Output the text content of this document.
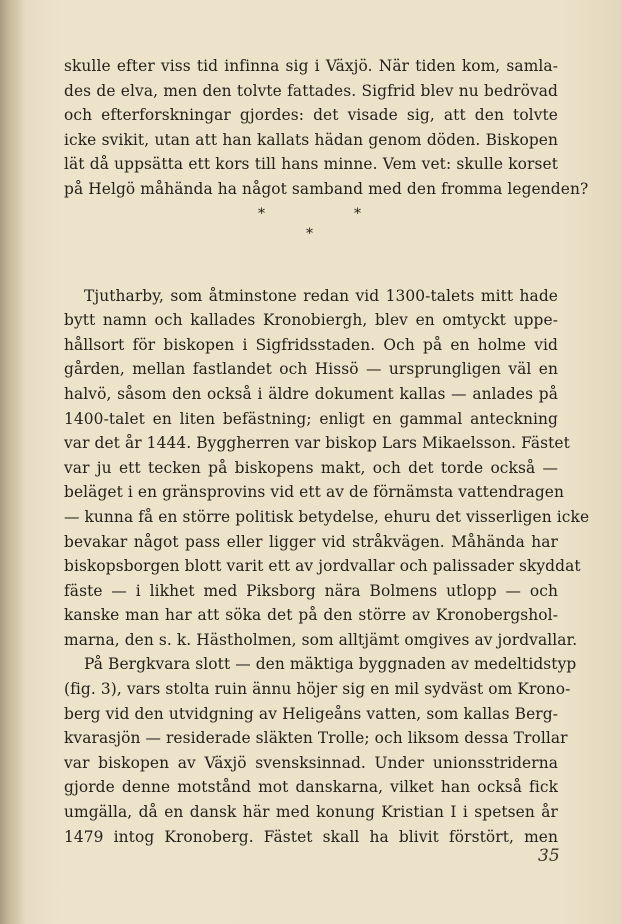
skulle efter viss tid infinna sig i Växjö. När tiden kom, samla-
des de elva, men den tolvte fattades. Sigfrid blev nu bedrövad
och efterforskningar gjordes: det visade sig, att den tolvte
icke svikit, utan att han kallats hädan genom döden. Biskopen
lät då uppsätta ett kors till hans minne. Vem vet: skulle korset
på Helgö måhända ha något samband med den fromma legenden?
*	*
*
Tjutharby, som åtminstone redan vid 1300-talets mitt hade
bytt namn och kallades Kronobiergh, blev en omtyckt uppe-
hållsort för biskopen i Sigfridsstaden. Och på en holme vid
gården, mellan fastlandet och Hissö — ursprungligen väl en
halvö, såsom den också i äldre dokument kallas — anlades på
1400-talet en liten befästning; enligt en gammal anteckning
var det år 1444. Byggherren var biskop Lars Mikaelsson. Fästet
var ju ett tecken på biskopens makt, och det torde också —
beläget i en gränsprovins vid ett av de förnämsta vattendragen
— kunna få en större politisk betydelse, ehuru det visserligen icke
bevakar något pass eller ligger vid stråkvägen. Måhända har
biskopsborgen blott varit ett av jordvallar och palissader skyddat
fäste — i likhet med Piksborg nära Bolmens utlopp — och
kanske man har att söka det på den större av Kronobergshol-
marna, den s. k. Hästholmen, som alltjämt omgives av jordvallar.
På Bergkvara slott — den mäktiga byggnaden av medeltidstyp
(fig. 3), vars stolta ruin ännu höjer sig en mil sydväst om Krono-
berg vid den utvidgning av Heligeåns vatten, som kallas Berg-
kvarasjön — residerade släkten Trolle; och liksom dessa Trollar
var biskopen av Växjö svensksinnad. Under unionsstriderna
gjorde denne motstånd mot danskarna, vilket han också fick
umgälla, då en dansk här med konung Kristian I i spetsen år
1479 intog Kronoberg. Fästet skall ha blivit förstört, men
35
